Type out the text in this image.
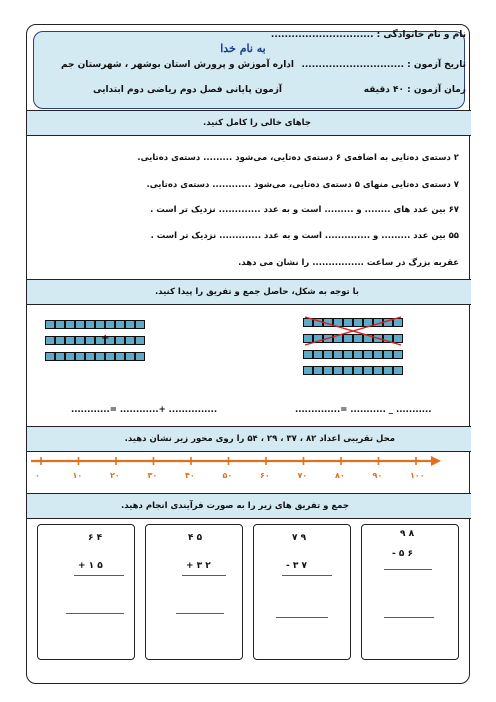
به نام خدا
نام و نام خانوادگی : ..............................
تاریخ آزمون : ..............................
زمان آزمون : ۴۰ دقیقه
اداره آموزش و پرورش استان بوشهر ، شهرستان جم
آزمون پایانی فصل دوم ریاضی دوم ابتدایی
جاهای خالی را کامل کنید.
۲ دسته‌ی ده‌تایی به اضافه‌ی ۶ دسته‌ی ده‌تایی، می‌شود ......... دسته‌ی ده‌تایی.
۷ دسته‌ی ده‌تایی منهای ۵ دسته‌ی ده‌تایی، می‌شود ............ دسته‌ی ده‌تایی.
۶۷ بین عدد های ........ و ......... است و به عدد ............. نزدیک تر است .
۵۵ بین عدد ......... و .............. است و به عدد ............. نزدیک تر است .
عقربه بزرگ در ساعت ................ را نشان می دهد.
با توجه به شکل، حاصل جمع و تفریق را پیدا کنید.
+
............... +............ =............	........... _ ........... =..............
محل تقریبی اعداد ۸۲ ، ۳۷ ، ۲۹ ، ۵۴ را روی محور زیر نشان دهید.
۰	۱۰	۲۰	۳۰	۴۰	۵۰	۶۰	۷۰	۸۰	۹۰	۱۰۰
جمع و تفریق های زیر را به صورت فرآیندی انجام دهید.
۶ ۴
+ ۱ ۵
۴ ۵
+ ۳ ۲
۷ ۹
- ۳ ۷
۹ ۸
- ۵ ۶
